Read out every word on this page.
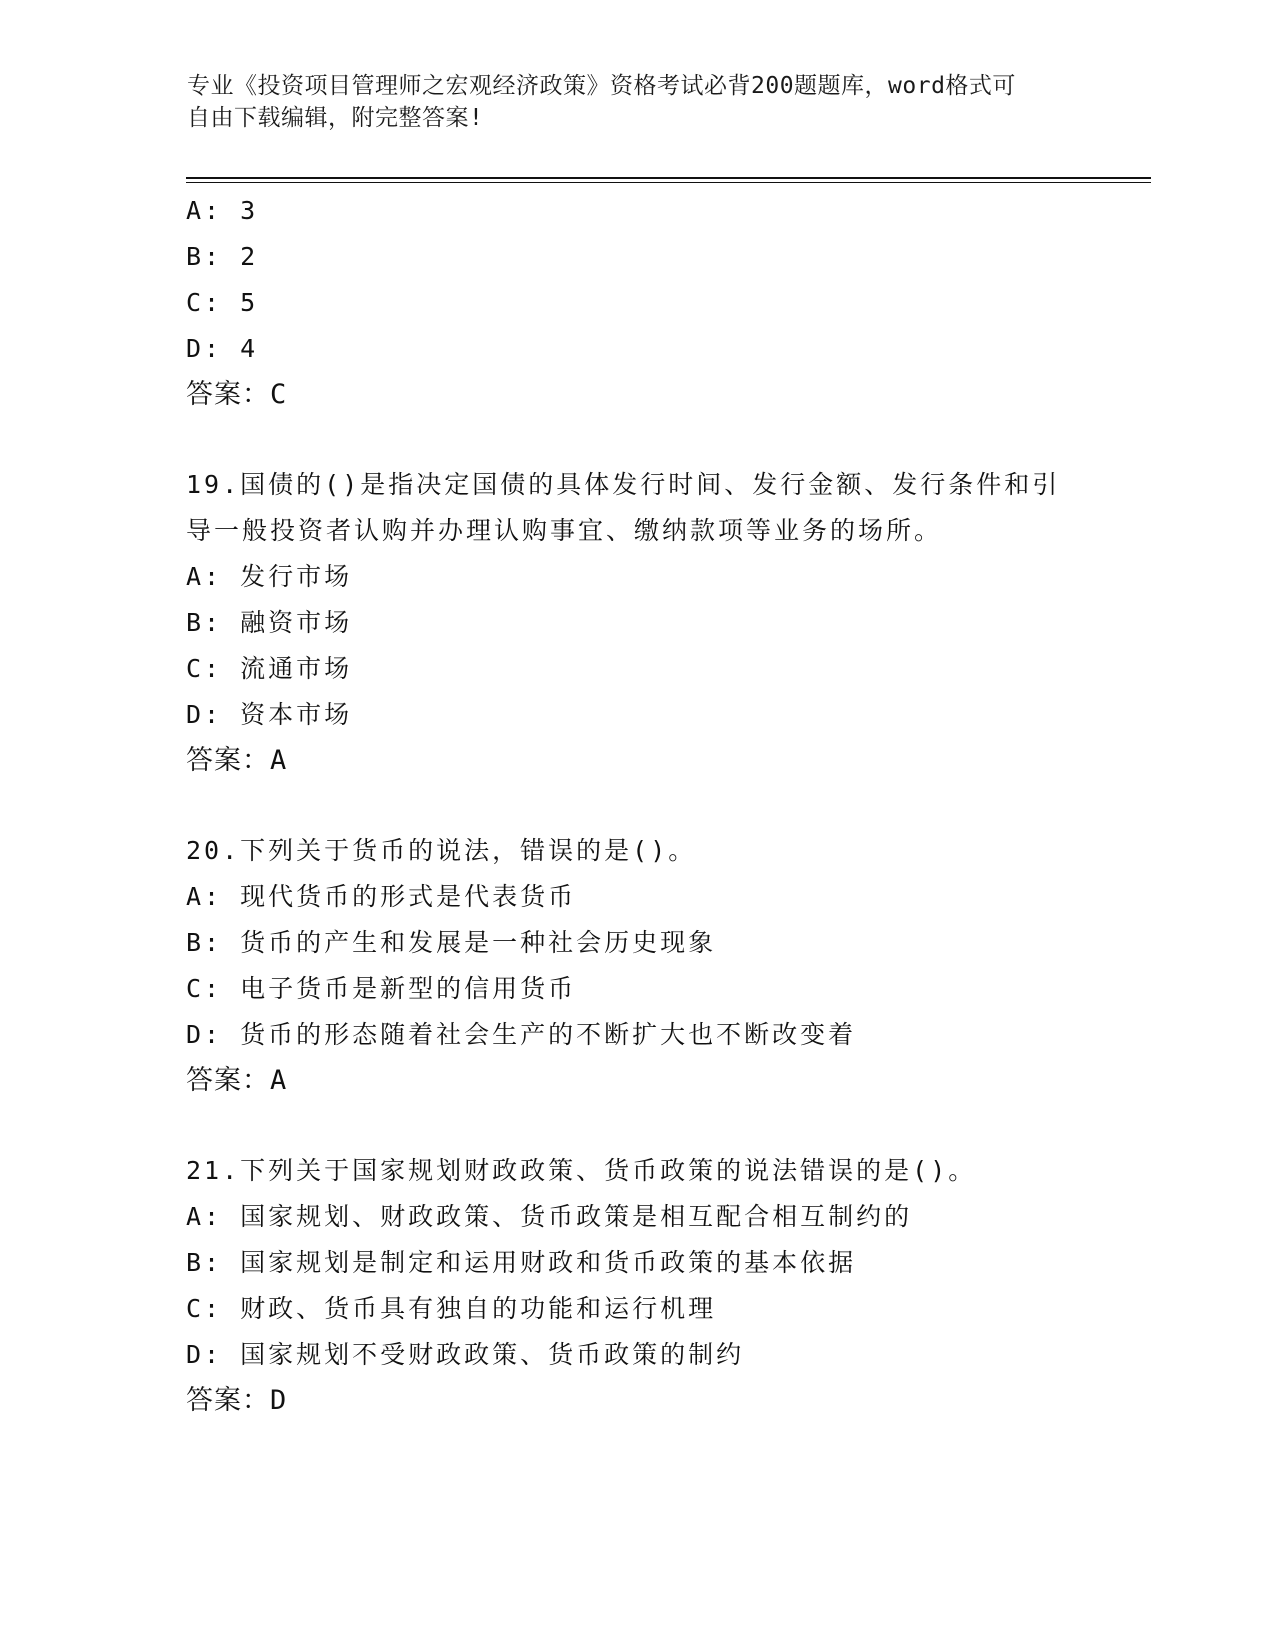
专业《投资项目管理师之宏观经济政策》资格考试必背200题题库，word格式可
自由下载编辑，附完整答案!
A: 3
B: 2
C: 5
D: 4
答案：C
19.国债的()是指决定国债的具体发行时间、发行金额、发行条件和引
导一般投资者认购并办理认购事宜、缴纳款项等业务的场所。
A: 发行市场
B: 融资市场
C: 流通市场
D: 资本市场
答案：A
20.下列关于货币的说法，错误的是()。
A: 现代货币的形式是代表货币
B: 货币的产生和发展是一种社会历史现象
C: 电子货币是新型的信用货币
D: 货币的形态随着社会生产的不断扩大也不断改变着
答案：A
21.下列关于国家规划财政政策、货币政策的说法错误的是()。
A: 国家规划、财政政策、货币政策是相互配合相互制约的
B: 国家规划是制定和运用财政和货币政策的基本依据
C: 财政、货币具有独自的功能和运行机理
D: 国家规划不受财政政策、货币政策的制约
答案：D
